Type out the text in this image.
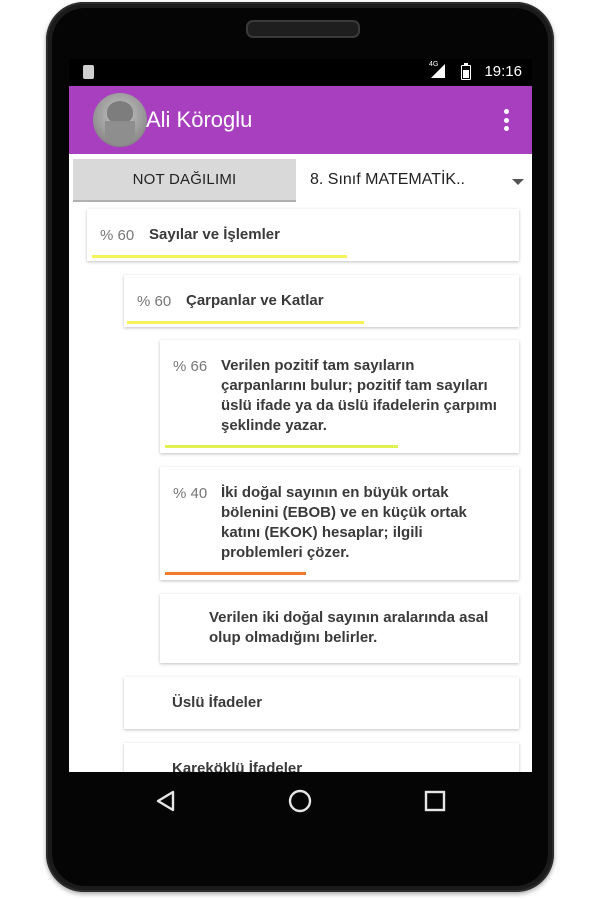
4G	19:16
Ali Köroglu
NOT DAĞILIMI	8. Sınıf MATEMATİK..
% 60 Sayılar ve İşlemler
% 60 Çarpanlar ve Katlar
% 66 Verilen pozitif tam sayıların çarpanlarını bulur; pozitif tam sayıları üslü ifade ya da üslü ifadelerin çarpımı şeklinde yazar.
% 40 İki doğal sayının en büyük ortak bölenini (EBOB) ve en küçük ortak katını (EKOK) hesaplar; ilgili problemleri çözer.
Verilen iki doğal sayının aralarında asal olup olmadığını belirler.
Üslü İfadeler
Kareköklü İfadeler
